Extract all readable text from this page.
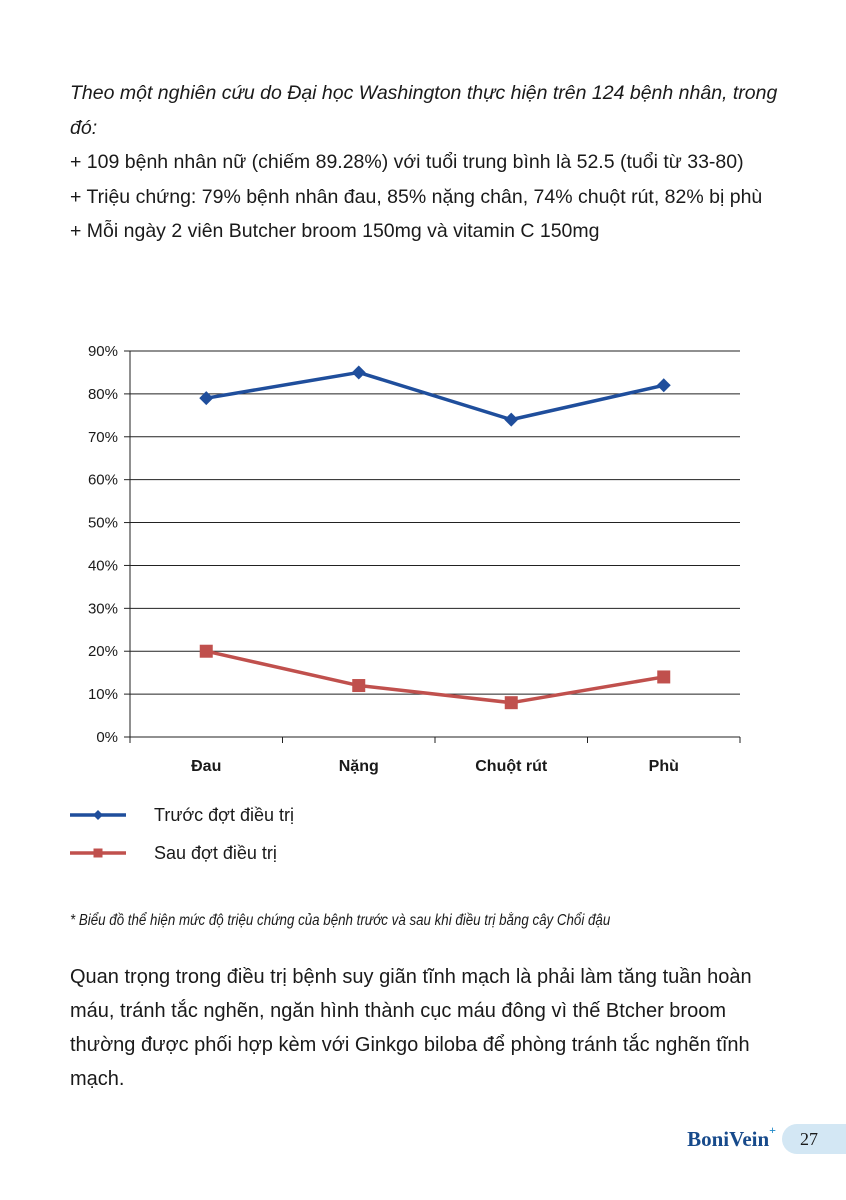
Theo một nghiên cứu do Đại học Washington thực hiện trên 124 bệnh nhân, trong đó:

+ 109 bệnh nhân nữ (chiếm 89.28%) với tuổi trung bình là 52.5 (tuổi từ 33-80)

+ Triệu chứng: 79% bệnh nhân đau, 85% nặng chân, 74% chuột rút, 82% bị phù

+ Mỗi ngày 2 viên Butcher broom 150mg và vitamin C 150mg

0%
10%
20%
30%
40%
50%
60%
70%
80%
90%
Đau	Nặng	Chuột rút	Phù
Trước đợt điều trị
Sau đợt điều trị
* Biểu đồ thể hiện mức độ triệu chứng của bệnh trước và sau khi điều trị bằng cây Chổi đậu
Quan trọng trong điều trị bệnh suy giãn tĩnh mạch là phải làm tăng tuần hoàn máu, tránh tắc nghẽn, ngăn hình thành cục máu đông vì thế Btcher broom thường được phối hợp kèm với Ginkgo biloba để phòng tránh tắc nghẽn tĩnh mạch.
BoniVein+	27
